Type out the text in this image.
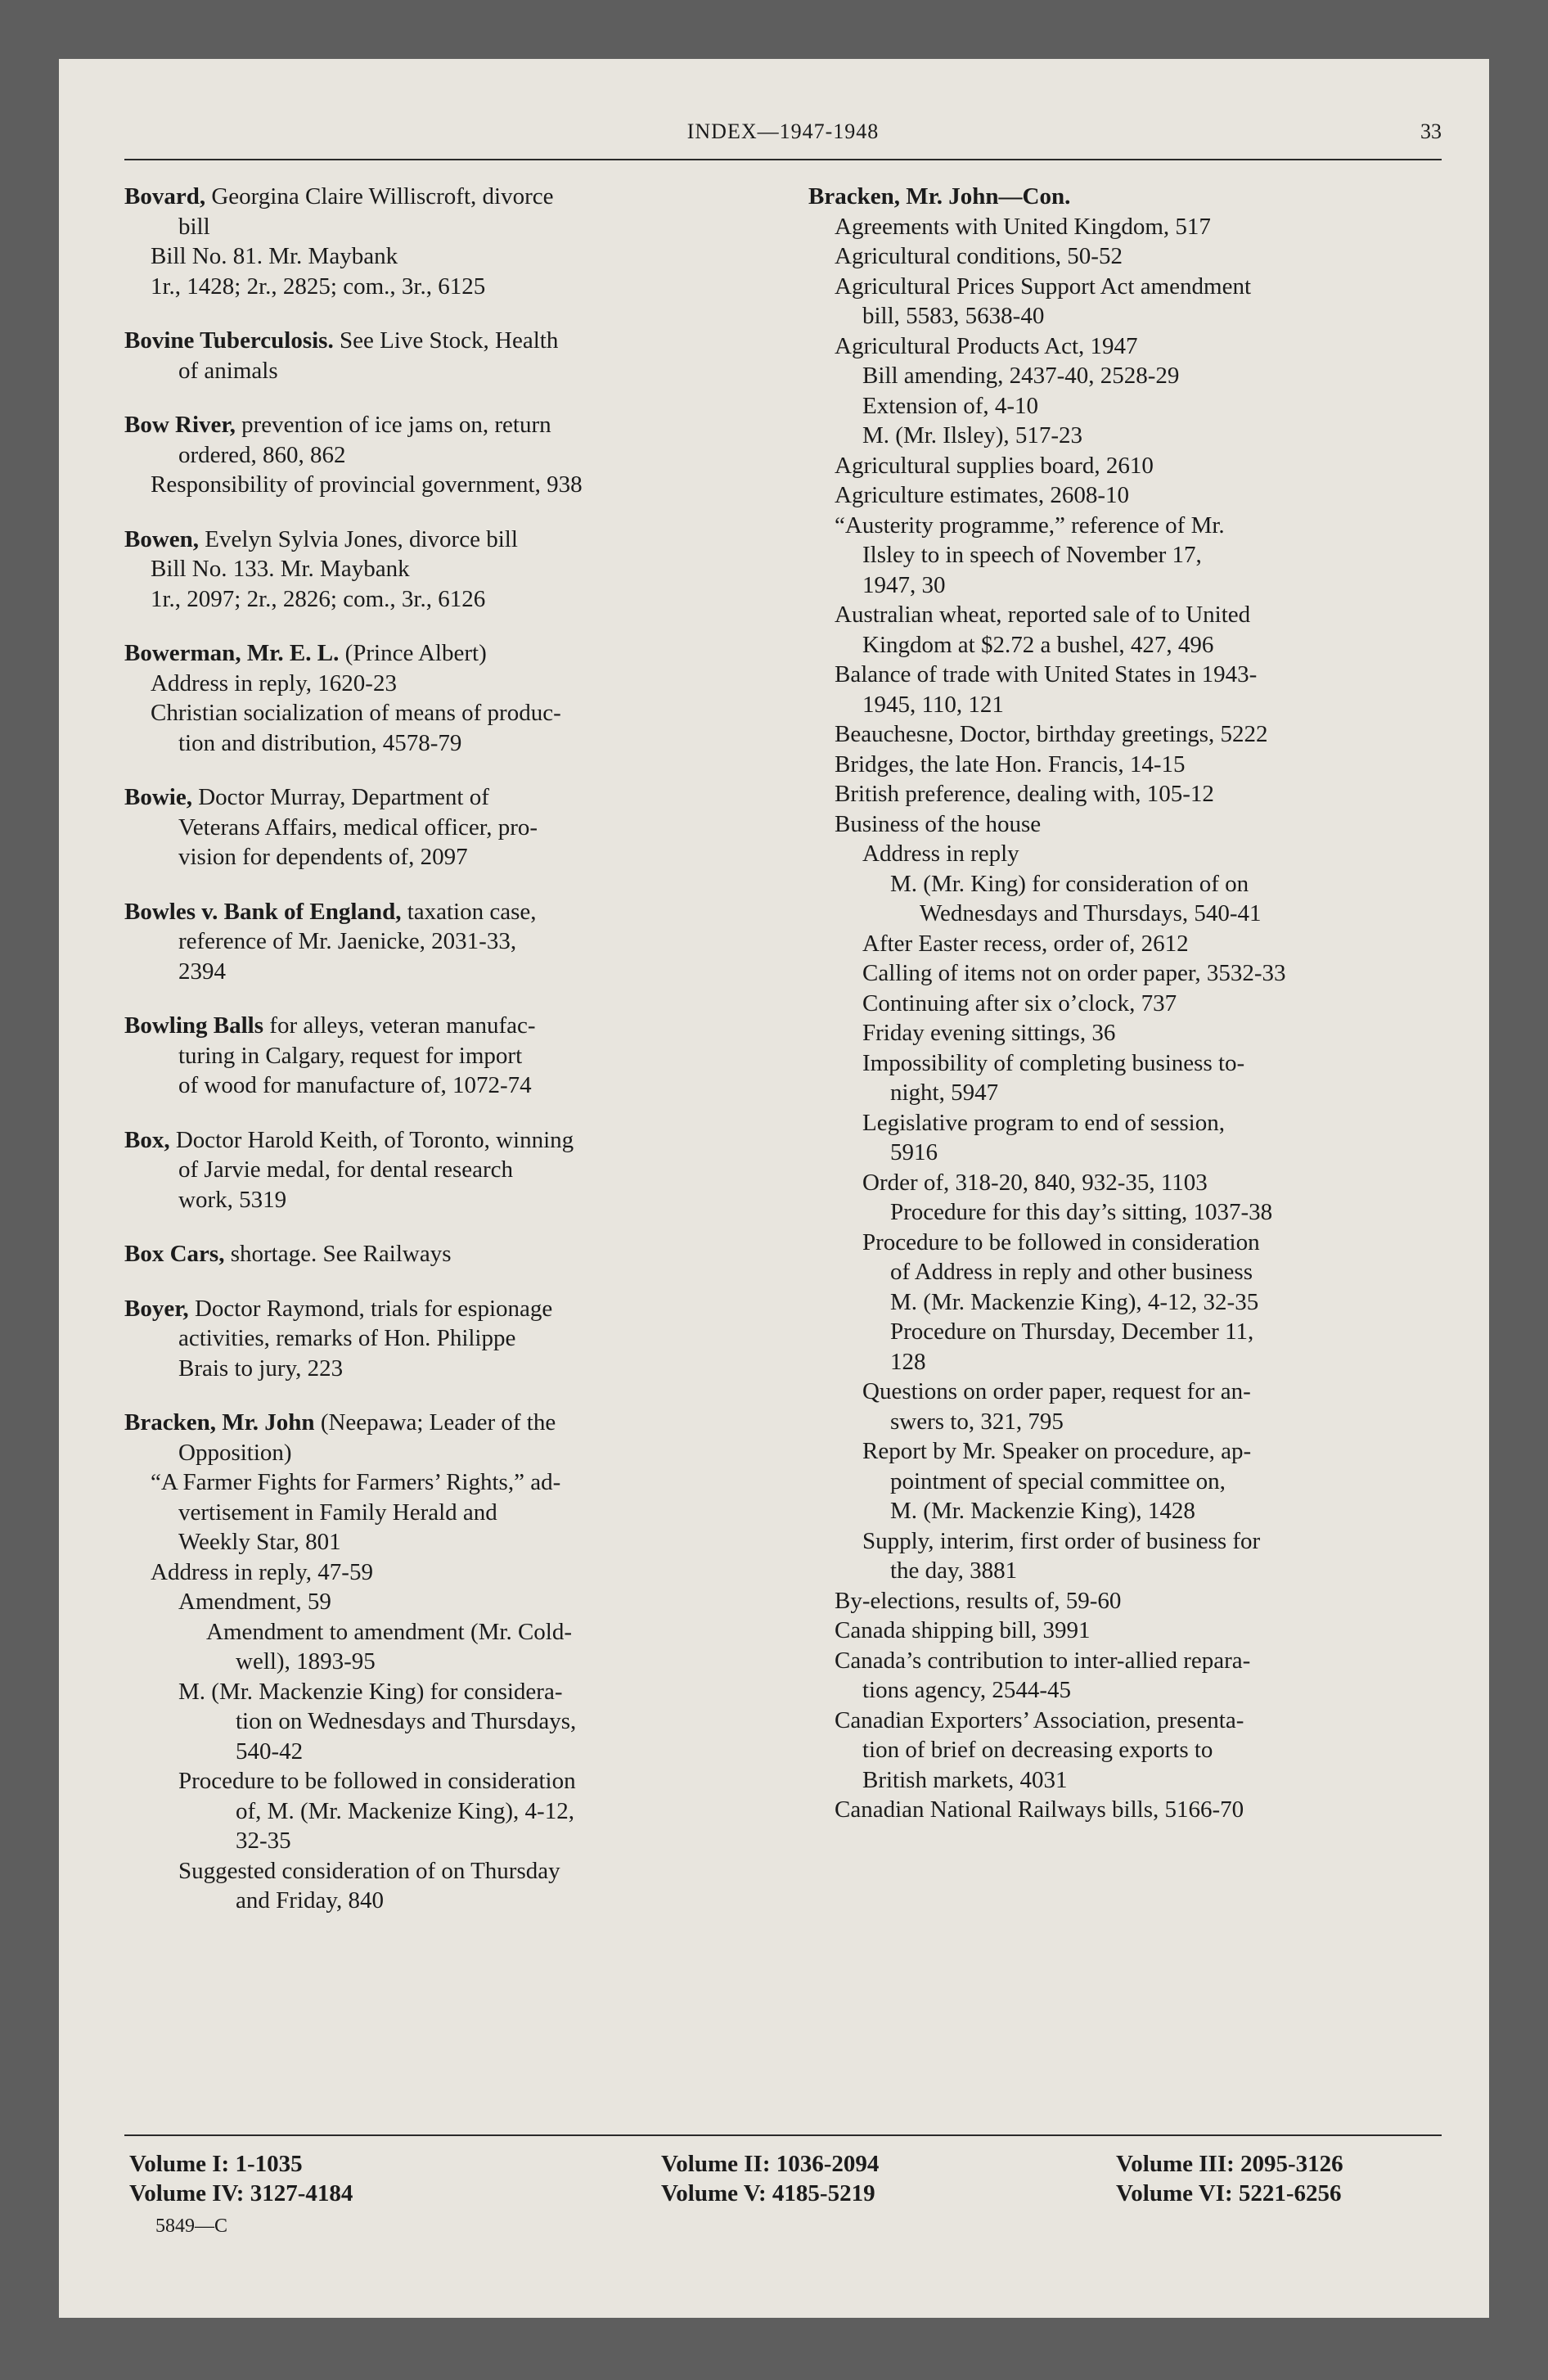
INDEX—1947-1948	33
Bovard, Georgina Claire Williscroft, divorce
bill
Bill No. 81. Mr. Maybank
1r., 1428; 2r., 2825; com., 3r., 6125
Bovine Tuberculosis. See Live Stock, Health
of animals
Bow River, prevention of ice jams on, return
ordered, 860, 862
Responsibility of provincial government, 938
Bowen, Evelyn Sylvia Jones, divorce bill
Bill No. 133. Mr. Maybank
1r., 2097; 2r., 2826; com., 3r., 6126
Bowerman, Mr. E. L. (Prince Albert)
Address in reply, 1620-23
Christian socialization of means of produc-
tion and distribution, 4578-79
Bowie, Doctor Murray, Department of
Veterans Affairs, medical officer, pro-
vision for dependents of, 2097
Bowles v. Bank of England, taxation case,
reference of Mr. Jaenicke, 2031-33,
2394
Bowling Balls for alleys, veteran manufac-
turing in Calgary, request for import
of wood for manufacture of, 1072-74
Box, Doctor Harold Keith, of Toronto, winning
of Jarvie medal, for dental research
work, 5319
Box Cars, shortage. See Railways
Boyer, Doctor Raymond, trials for espionage
activities, remarks of Hon. Philippe
Brais to jury, 223
Bracken, Mr. John (Neepawa; Leader of the
Opposition)
“A Farmer Fights for Farmers’ Rights,” ad-
vertisement in Family Herald and
Weekly Star, 801
Address in reply, 47-59
Amendment, 59
Amendment to amendment (Mr. Cold-
well), 1893-95
M. (Mr. Mackenzie King) for considera-
tion on Wednesdays and Thursdays,
540-42
Procedure to be followed in consideration
of, M. (Mr. Mackenize King), 4-12,
32-35
Suggested consideration of on Thursday
and Friday, 840
Bracken, Mr. John—Con.
Agreements with United Kingdom, 517
Agricultural conditions, 50-52
Agricultural Prices Support Act amendment
bill, 5583, 5638-40
Agricultural Products Act, 1947
Bill amending, 2437-40, 2528-29
Extension of, 4-10
M. (Mr. Ilsley), 517-23
Agricultural supplies board, 2610
Agriculture estimates, 2608-10
“Austerity programme,” reference of Mr.
Ilsley to in speech of November 17,
1947, 30
Australian wheat, reported sale of to United
Kingdom at $2.72 a bushel, 427, 496
Balance of trade with United States in 1943-
1945, 110, 121
Beauchesne, Doctor, birthday greetings, 5222
Bridges, the late Hon. Francis, 14-15
British preference, dealing with, 105-12
Business of the house
Address in reply
M. (Mr. King) for consideration of on
Wednesdays and Thursdays, 540-41
After Easter recess, order of, 2612
Calling of items not on order paper, 3532-33
Continuing after six o’clock, 737
Friday evening sittings, 36
Impossibility of completing business to-
night, 5947
Legislative program to end of session,
5916
Order of, 318-20, 840, 932-35, 1103
Procedure for this day’s sitting, 1037-38
Procedure to be followed in consideration
of Address in reply and other business
M. (Mr. Mackenzie King), 4-12, 32-35
Procedure on Thursday, December 11,
128
Questions on order paper, request for an-
swers to, 321, 795
Report by Mr. Speaker on procedure, ap-
pointment of special committee on,
M. (Mr. Mackenzie King), 1428
Supply, interim, first order of business for
the day, 3881
By-elections, results of, 59-60
Canada shipping bill, 3991
Canada’s contribution to inter-allied repara-
tions agency, 2544-45
Canadian Exporters’ Association, presenta-
tion of brief on decreasing exports to
British markets, 4031
Canadian National Railways bills, 5166-70
Volume I: 1-1035	Volume II: 1036-2094	Volume III: 2095-3126
Volume IV: 3127-4184	Volume V: 4185-5219	Volume VI: 5221-6256
5849—C
